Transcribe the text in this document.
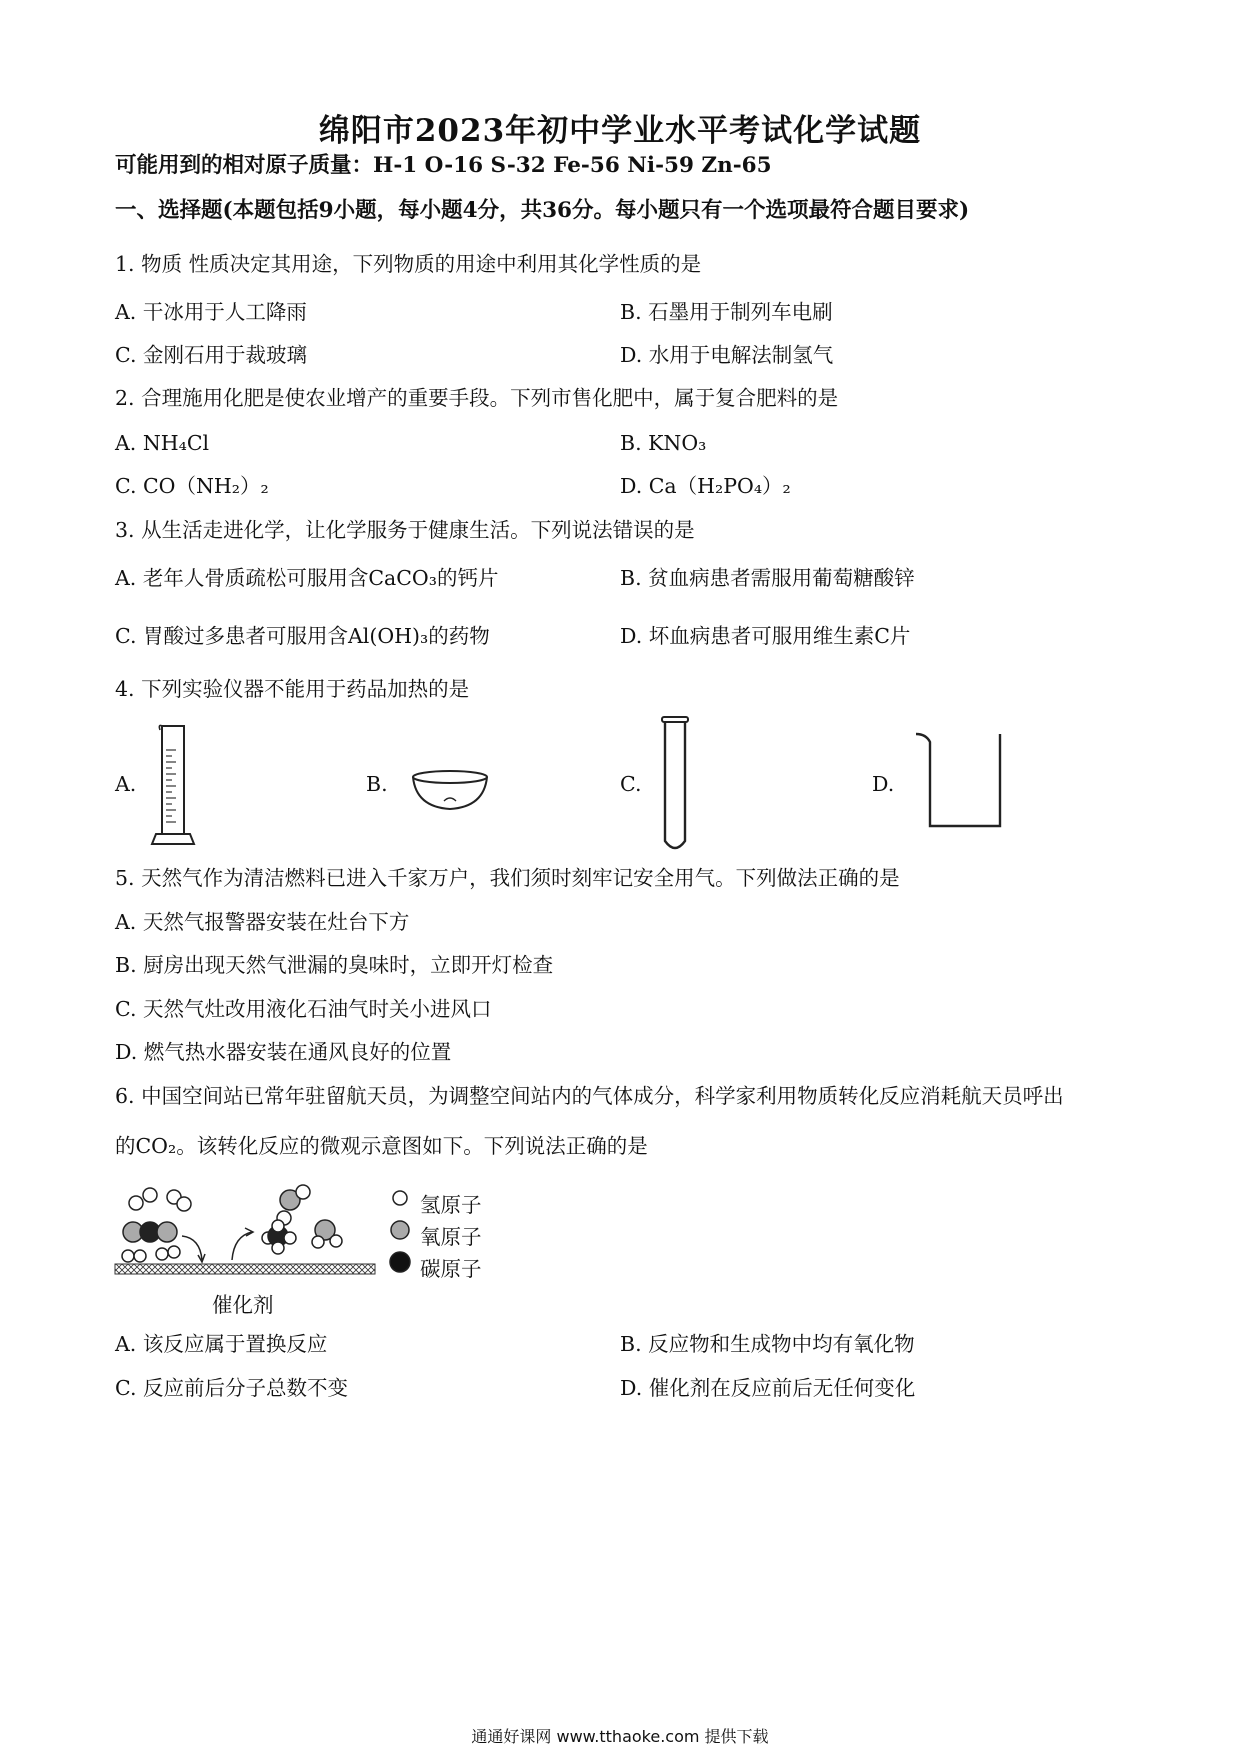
绵阳市2023年初中学业水平考试化学试题
可能用到的相对原子质量：H-1 O-16 S-32 Fe-56 Ni-59 Zn-65
一、选择题(本题包括9小题，每小题4分，共36分。每小题只有一个选项最符合题目要求)
1. 物质 性质决定其用途，下列物质的用途中利用其化学性质的是
A. 干冰用于人工降雨	B. 石墨用于制列车电刷
C. 金刚石用于裁玻璃	D. 水用于电解法制氢气
2. 合理施用化肥是使农业增产的重要手段。下列市售化肥中，属于复合肥料的是
A. NH₄Cl	B. KNO₃
C. CO（NH₂）₂	D. Ca（H₂PO₄）₂
3. 从生活走进化学，让化学服务于健康生活。下列说法错误的是
A. 老年人骨质疏松可服用含CaCO₃的钙片	B. 贫血病患者需服用葡萄糖酸锌
C. 胃酸过多患者可服用含Al(OH)₃的药物	D. 坏血病患者可服用维生素C片
4. 下列实验仪器不能用于药品加热的是
A.	B.	C.	D.
5. 天然气作为清洁燃料已进入千家万户，我们须时刻牢记安全用气。下列做法正确的是
A. 天然气报警器安装在灶台下方
B. 厨房出现天然气泄漏的臭味时，立即开灯检查
C. 天然气灶改用液化石油气时关小进风口
D. 燃气热水器安装在通风良好的位置
6. 中国空间站已常年驻留航天员，为调整空间站内的气体成分，科学家利用物质转化反应消耗航天员呼出
的CO₂。该转化反应的微观示意图如下。下列说法正确的是
氢原子
氧原子
碳原子
催化剂
A. 该反应属于置换反应	B. 反应物和生成物中均有氧化物
C. 反应前后分子总数不变	D. 催化剂在反应前后无任何变化
通通好课网 www.tthaoke.com 提供下载
